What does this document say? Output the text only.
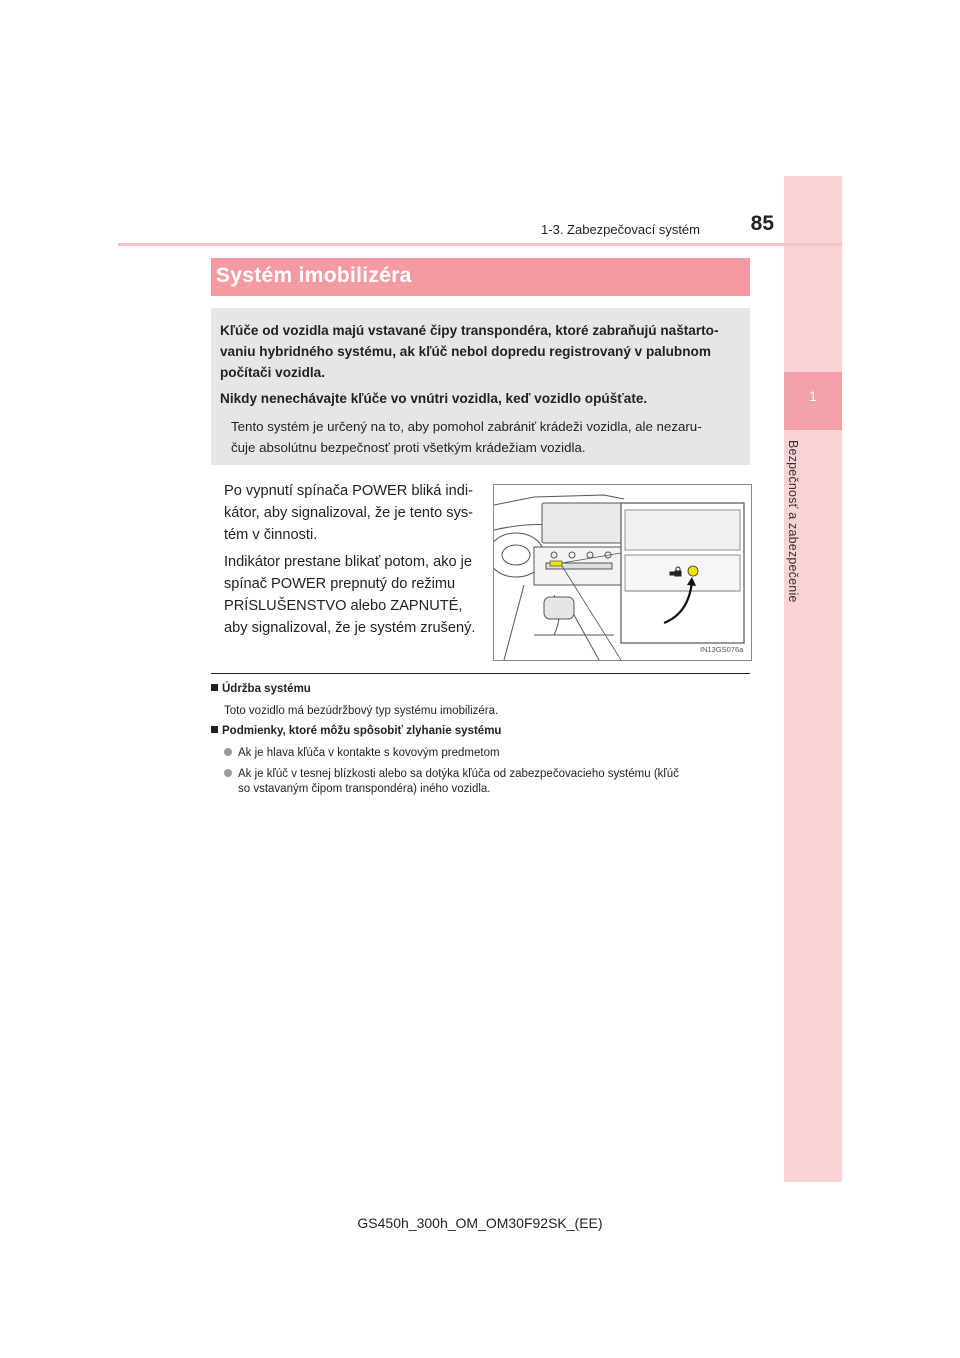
1
Bezpečnosť a zabezpečenie
1-3. Zabezpečovací systém	85
Systém imobilizéra
Kľúče od vozidla majú vstavané čipy transpondéra, ktoré zabraňujú naštarto-
vaniu hybridného systému, ak kľúč nebol dopredu registrovaný v palubnom
počítači vozidla.
Nikdy nenechávajte kľúče vo vnútri vozidla, keď vozidlo opúšťate.
Tento systém je určený na to, aby pomohol zabrániť krádeži vozidla, ale nezaru-
čuje absolútnu bezpečnosť proti všetkým krádežiam vozidla.
Po vypnutí spínača POWER bliká indi-
kátor, aby signalizoval, že je tento sys-
tém v činnosti.
Indikátor prestane blikať potom, ako je
spínač POWER prepnutý do režimu
PRÍSLUŠENSTVO alebo ZAPNUTÉ,
aby signalizoval, že je systém zrušený.
IN13GS076a
Údržba systému
Toto vozidlo má bezúdržbový typ systému imobilizéra.
Podmienky, ktoré môžu spôsobiť zlyhanie systému
Ak je hlava kľúča v kontakte s kovovým predmetom
Ak je kľúč v tesnej blízkosti alebo sa dotýka kľúča od zabezpečovacieho systému (kľúč
so vstavaným čipom transpondéra) iného vozidla.
GS450h_300h_OM_OM30F92SK_(EE)
